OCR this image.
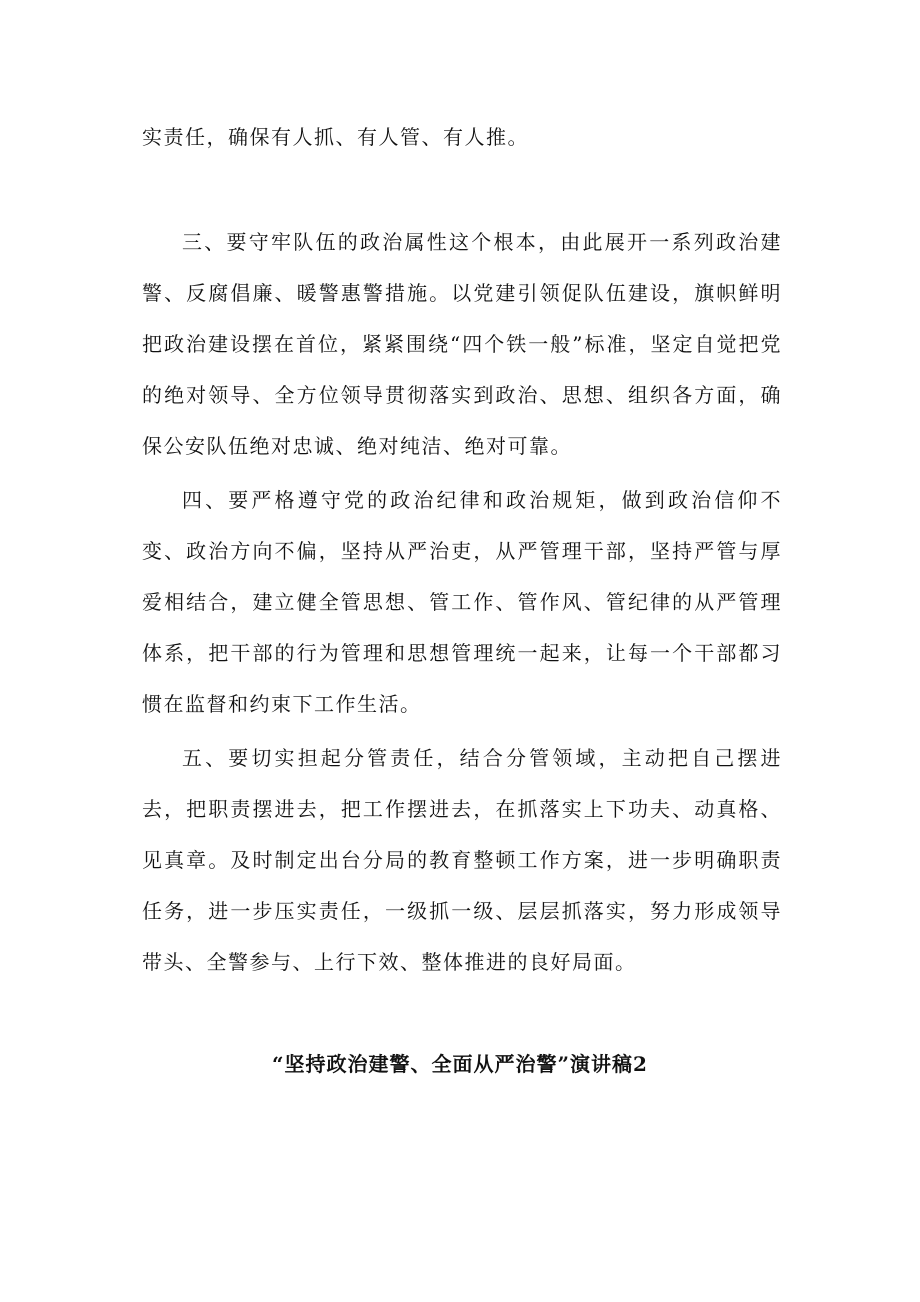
实责任，确保有人抓、有人管、有人推。

三、要守牢队伍的政治属性这个根本，由此展开一系列政治建警、反腐倡廉、暖警惠警措施。以党建引领促队伍建设，旗帜鲜明把政治建设摆在首位，紧紧围绕“四个铁一般”标准，坚定自觉把党的绝对领导、全方位领导贯彻落实到政治、思想、组织各方面，确保公安队伍绝对忠诚、绝对纯洁、绝对可靠。

四、要严格遵守党的政治纪律和政治规矩，做到政治信仰不变、政治方向不偏，坚持从严治吏，从严管理干部，坚持严管与厚爱相结合，建立健全管思想、管工作、管作风、管纪律的从严管理体系，把干部的行为管理和思想管理统一起来，让每一个干部都习惯在监督和约束下工作生活。

五、要切实担起分管责任，结合分管领域，主动把自己摆进去，把职责摆进去，把工作摆进去，在抓落实上下功夫、动真格、见真章。及时制定出台分局的教育整顿工作方案，进一步明确职责任务，进一步压实责任，一级抓一级、层层抓落实，努力形成领导带头、全警参与、上行下效、整体推进的良好局面。

“坚持政治建警、全面从严治警”演讲稿2
